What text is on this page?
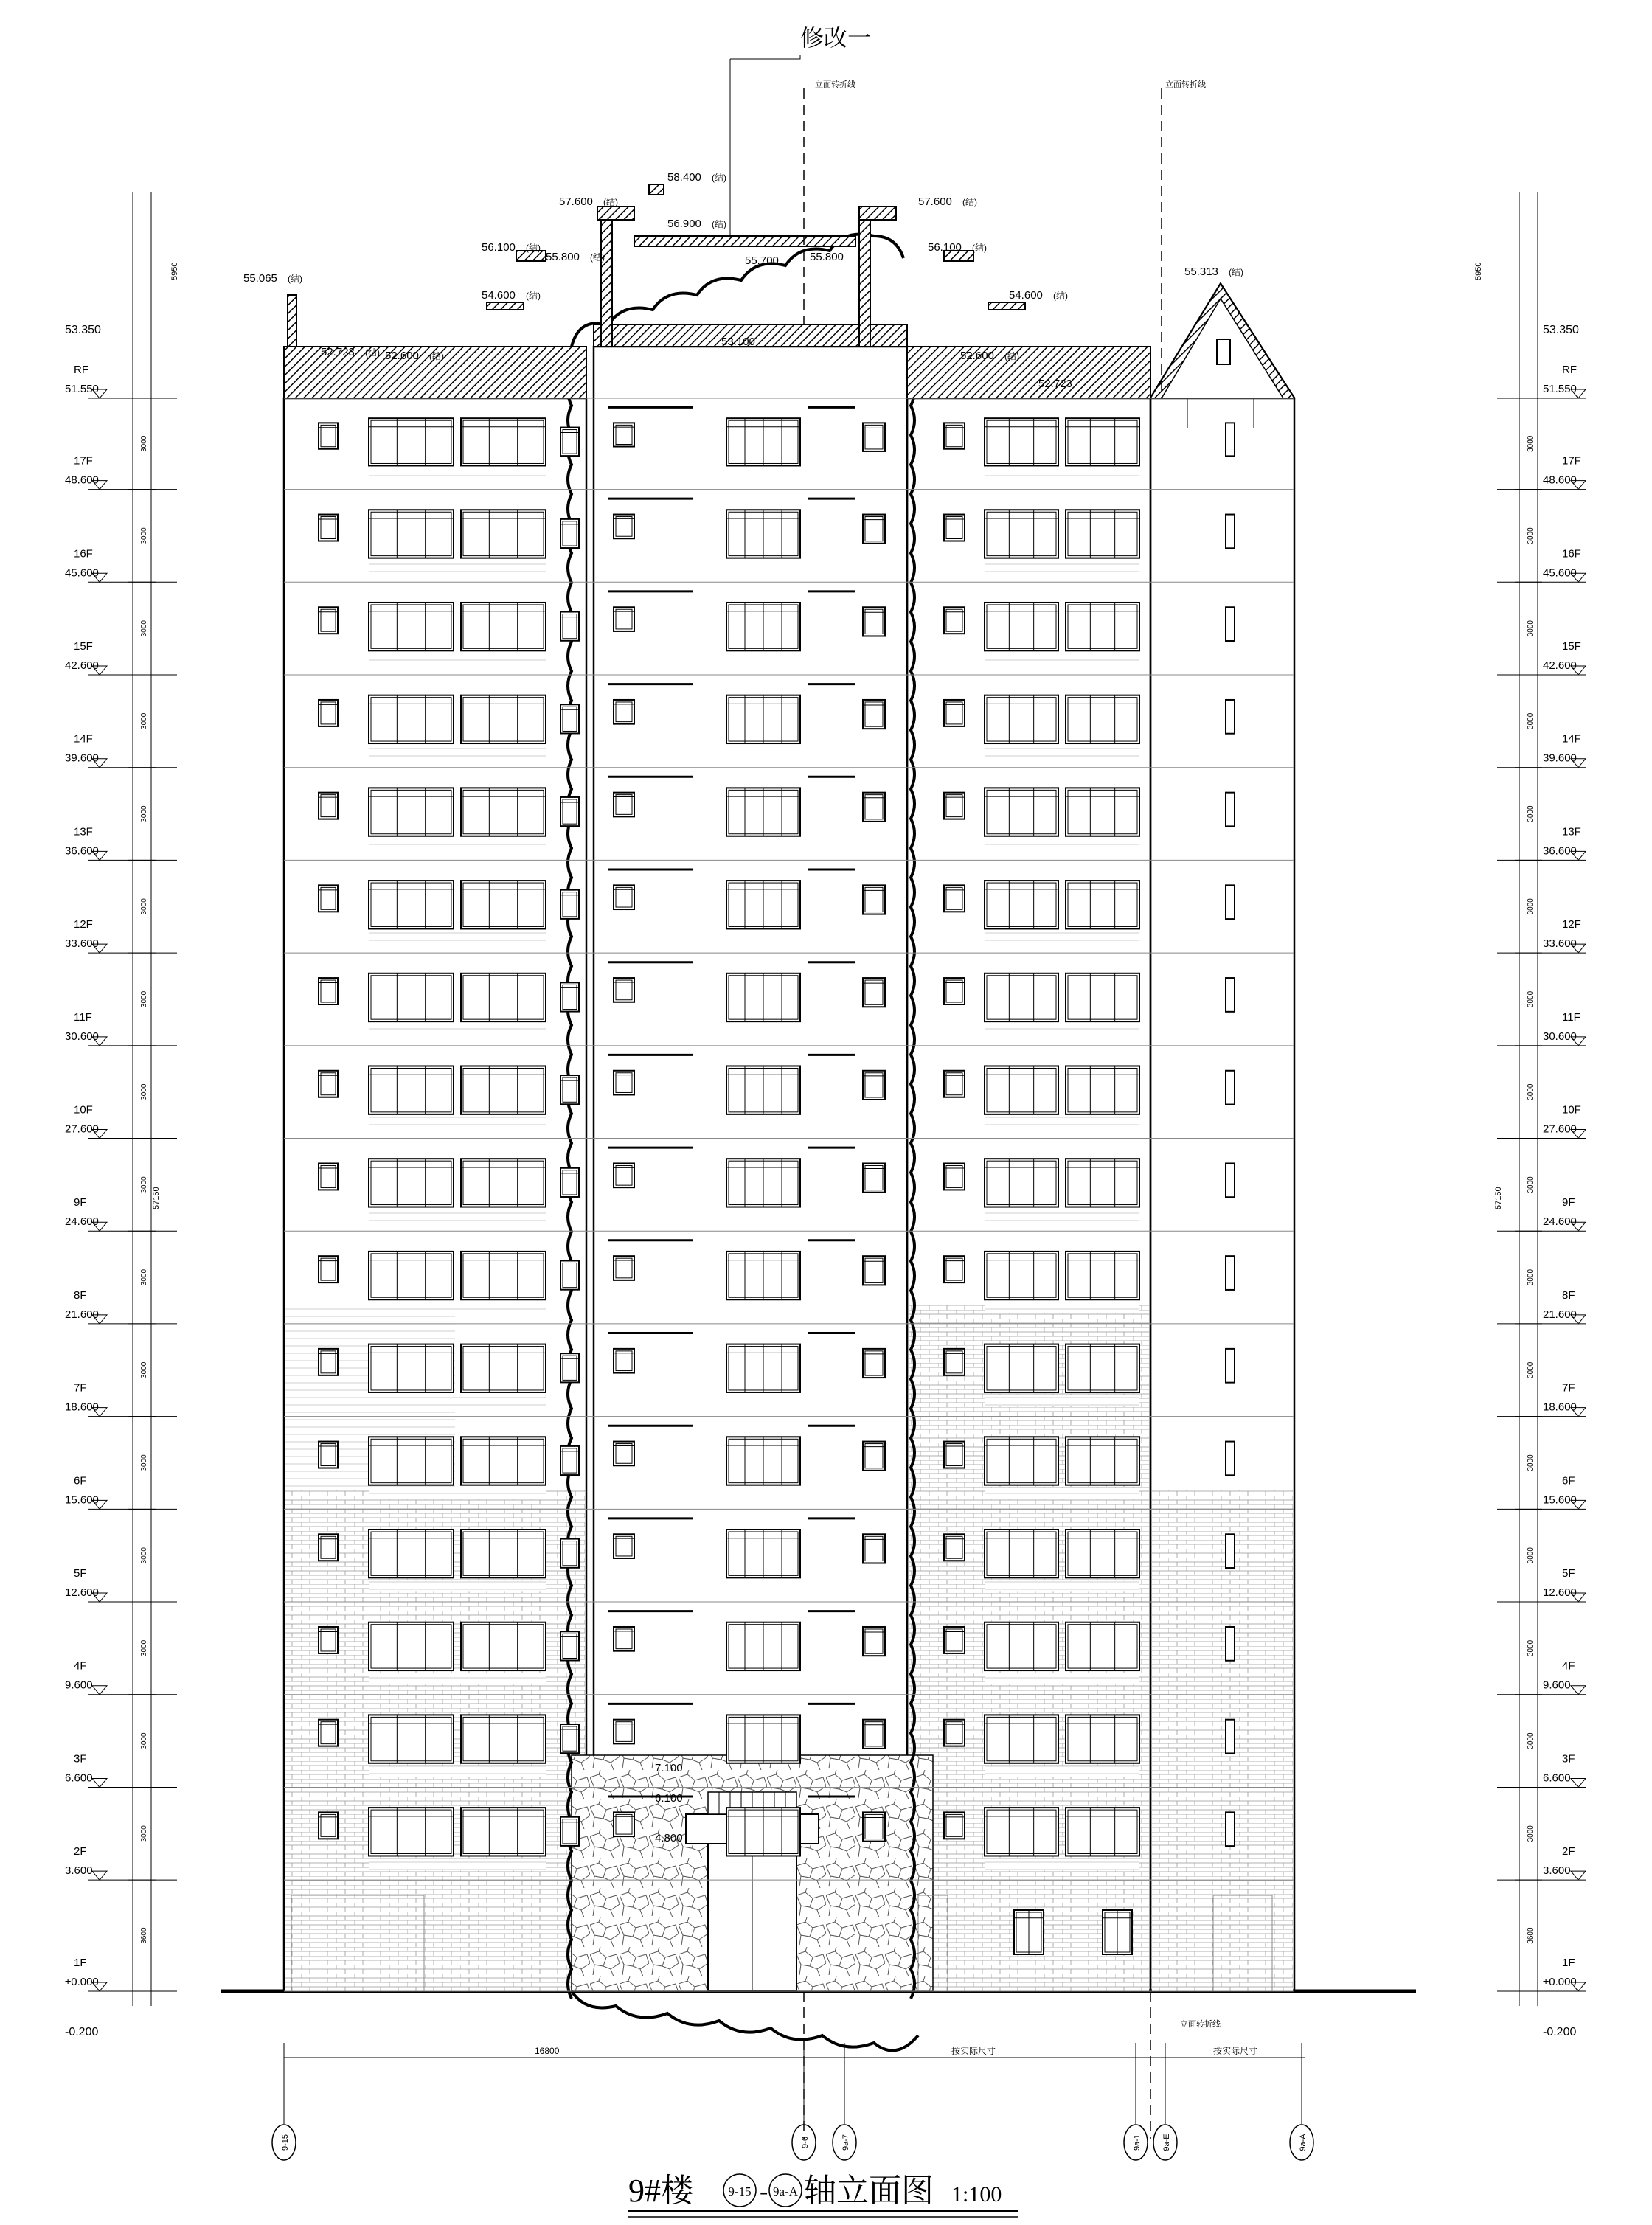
RF
51.550
17F
48.600
16F
45.600
15F
42.600
14F
39.600
13F
36.600
12F
33.600
11F
30.600
10F
27.600
9F
24.600
8F
21.600
7F
18.600
6F
15.600
5F
12.600
4F
9.600
3F
6.600
2F
3.600
1F
±0.000
3000
3000
3000
3000
3000
3000
3000
3000
3000
3000
3000
3000
3000
3000
3000
3000
3600
RF
51.550
17F
48.600
16F
45.600
15F
42.600
14F
39.600
13F
36.600
12F
33.600
11F
30.600
10F
27.600
9F
24.600
8F
21.600
7F
18.600
6F
15.600
5F
12.600
4F
9.600
3F
6.600
2F
3.600
1F
±0.000
3000
3000
3000
3000
3000
3000
3000
3000
3000
3000
3000
3000
3000
3000
3000
3000
3600
修改一
立面转折线	立面转折线
立面转折线
55.065
52.723	52.600
54.600
56.100
55.800
57.600
58.400
56.900
55.700	55.800
53.100
57.600
56.100
54.600
52.600
52.723
55.313
(结)
(结)	(结)
(结)
(结)
(结)
(结)
(结)
(结)
(结)
(结)
(结)
(结)
(结)
7.100
6.100
4.800
53.350	53.350
-0.200	-0.200
57150	57150
5950	5950
16800	按实际尺寸	按实际尺寸
9-15	9-6	9a-7	9a-1	9a-E	9a-A
9#楼	9-15 - 9a-A 轴立面图 1:100
